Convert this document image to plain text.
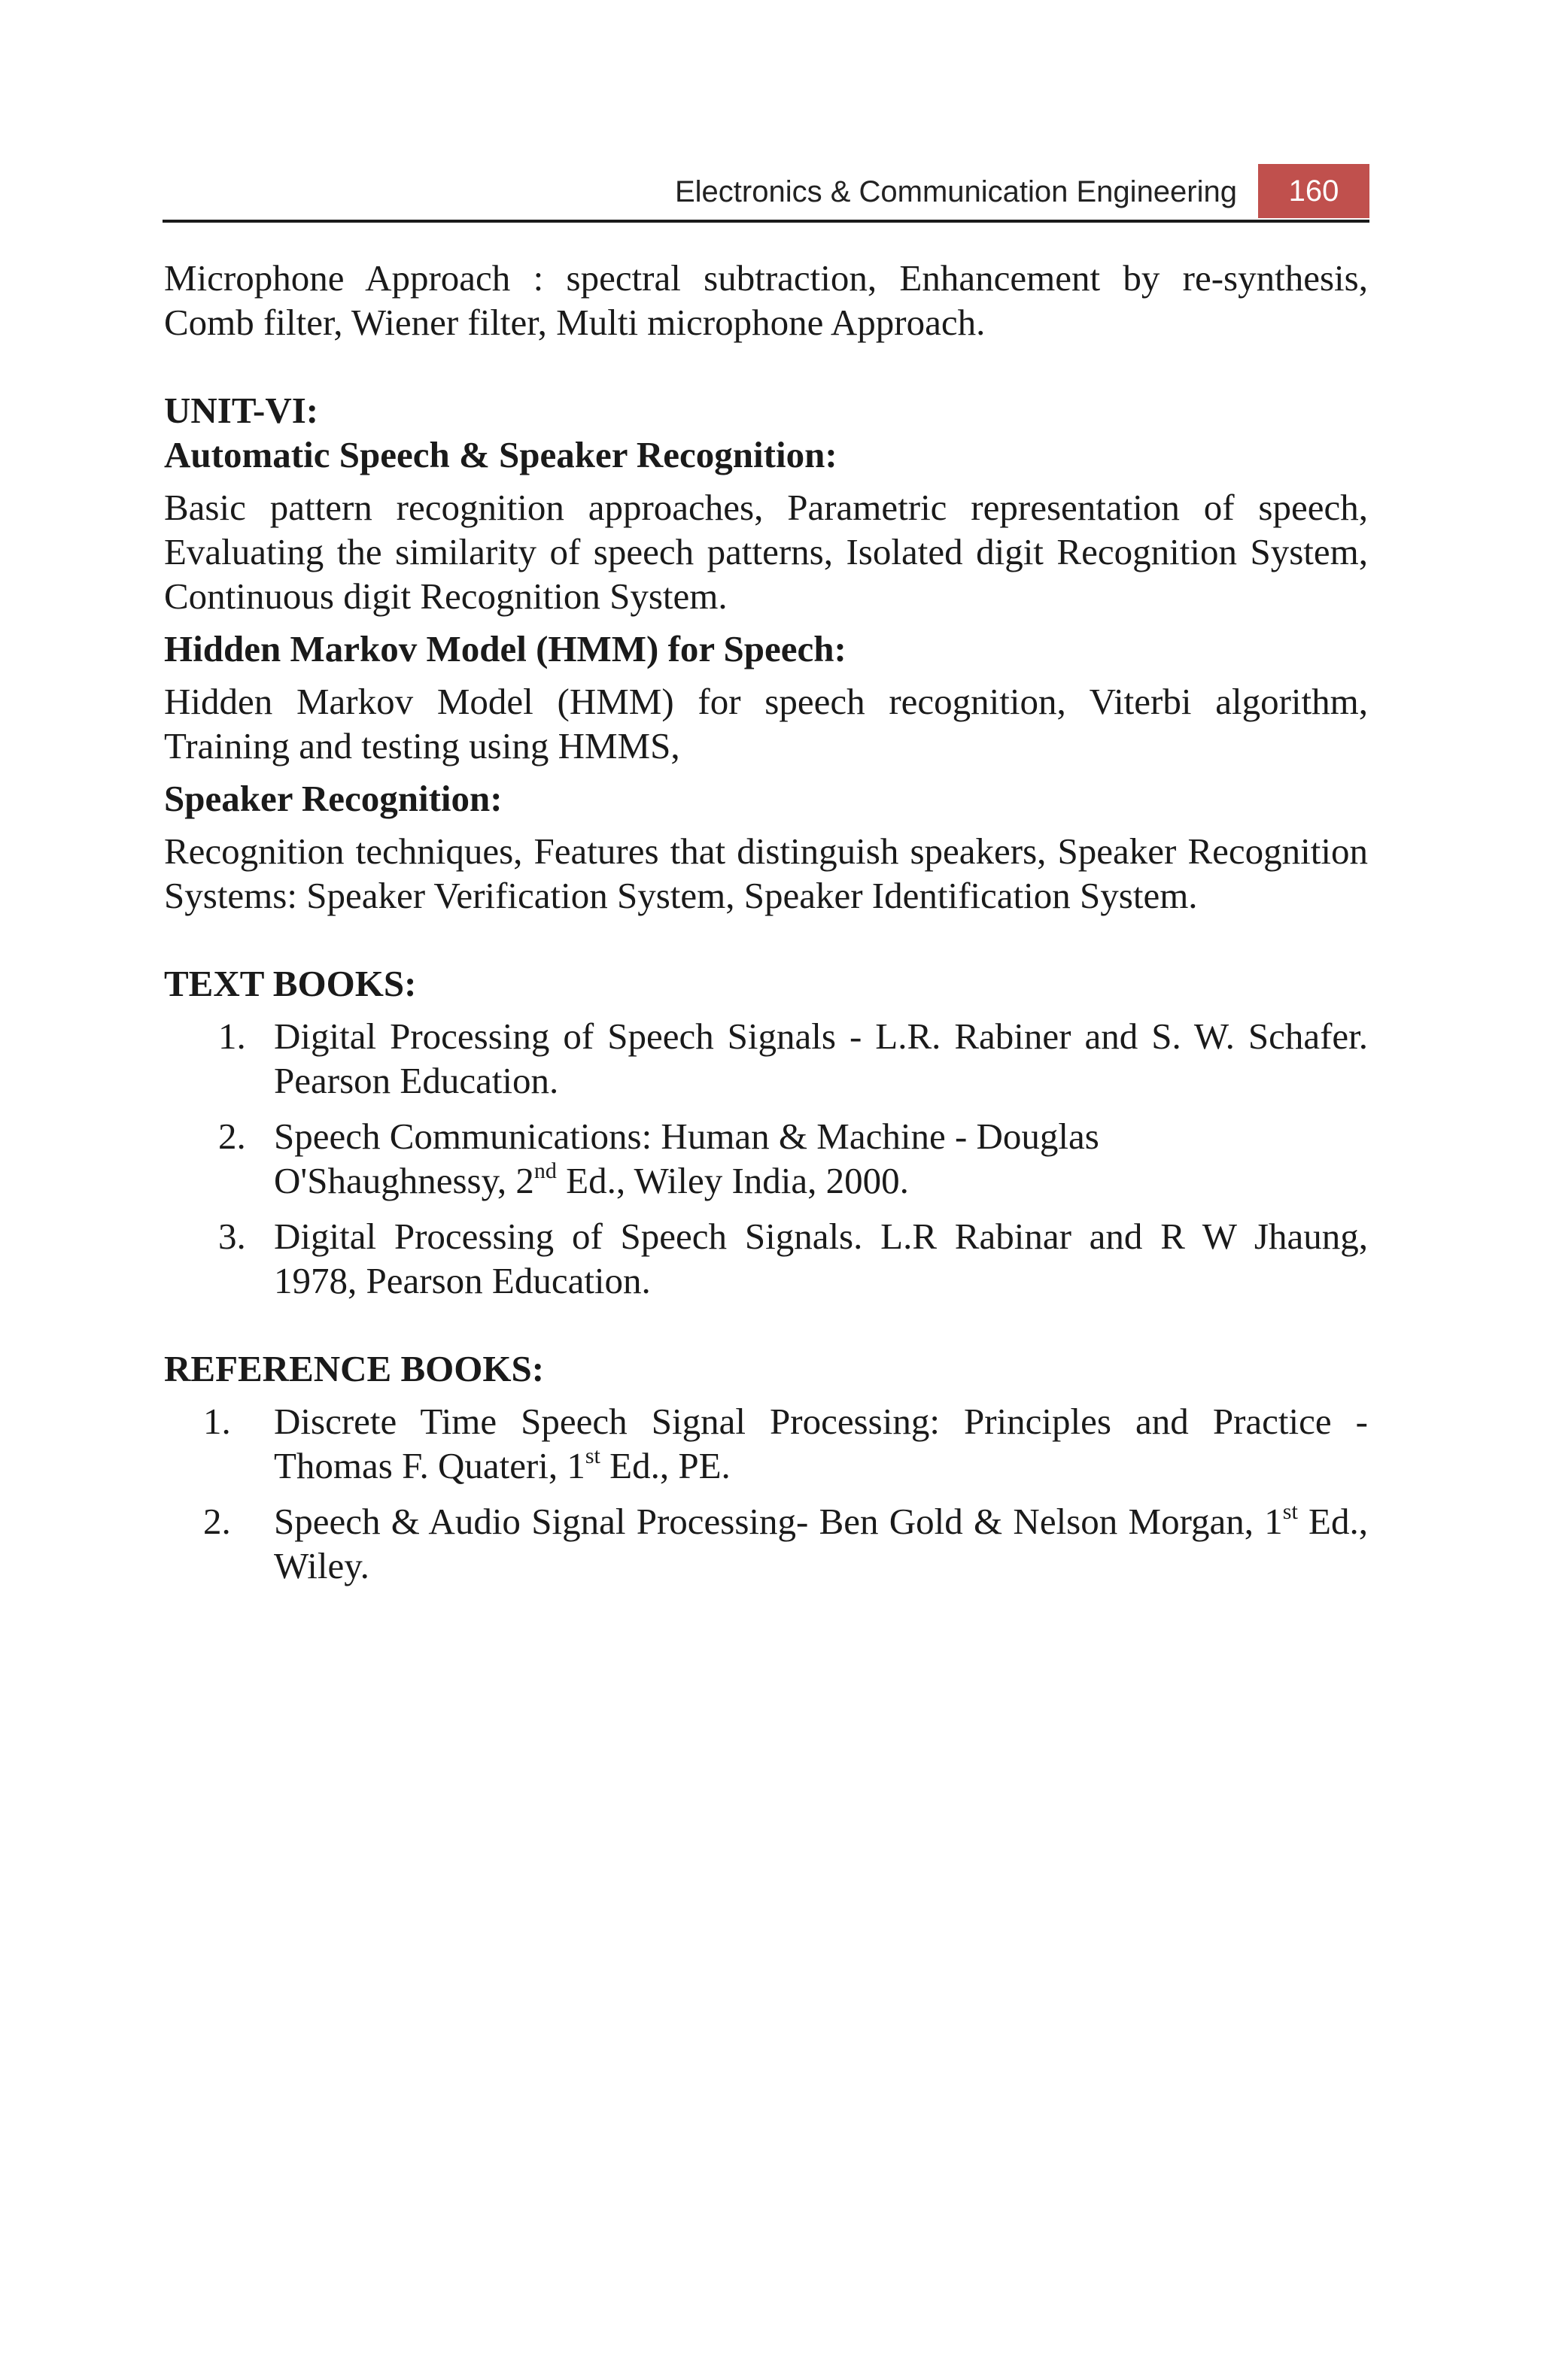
Electronics & Communication Engineering	160

Microphone Approach : spectral subtraction, Enhancement by re-synthesis, Comb filter, Wiener filter, Multi microphone Approach.

UNIT-VI:

Automatic Speech & Speaker Recognition:

Basic pattern recognition approaches, Parametric representation of speech, Evaluating the similarity of speech patterns, Isolated digit Recognition System, Continuous digit Recognition System.

Hidden Markov Model (HMM) for Speech:

Hidden Markov Model (HMM) for speech recognition, Viterbi algorithm, Training and testing using HMMS,

Speaker Recognition:

Recognition techniques, Features that distinguish speakers, Speaker Recognition Systems: Speaker Verification System, Speaker Identification System.

TEXT BOOKS:

1. Digital Processing of Speech Signals - L.R. Rabiner and S. W. Schafer. Pearson Education.
2. Speech Communications: Human & Machine - Douglas
O'Shaughnessy, 2nd Ed., Wiley India, 2000.
3. Digital Processing of Speech Signals. L.R Rabinar and R W Jhaung, 1978, Pearson Education.

REFERENCE BOOKS:

1. Discrete Time Speech Signal Processing: Principles and Practice - Thomas F. Quateri, 1st Ed., PE.
2. Speech & Audio Signal Processing- Ben Gold & Nelson Morgan, 1st Ed., Wiley.
